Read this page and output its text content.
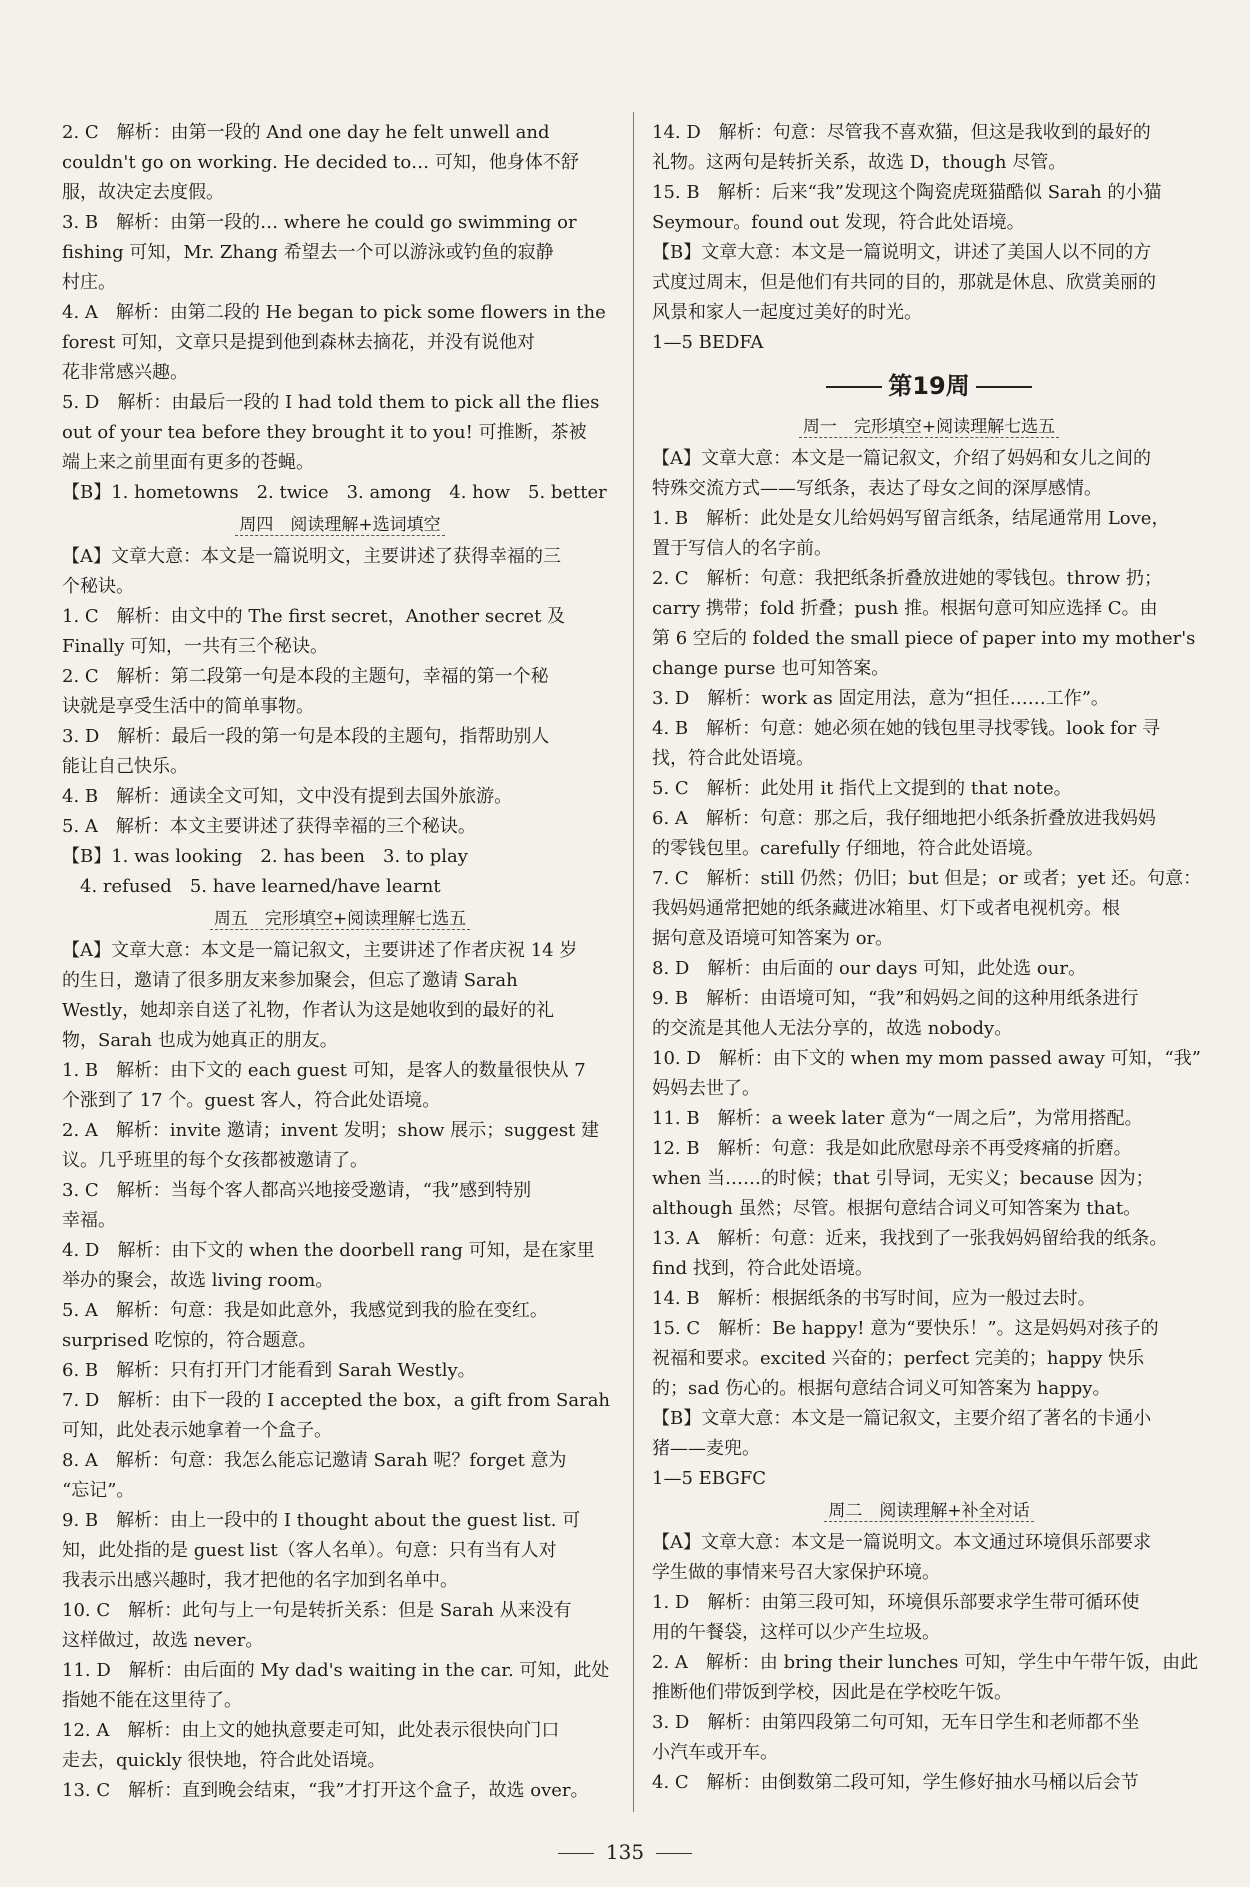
2. C　解析：由第一段的 And one day he felt unwell and
couldn't go on working. He decided to… 可知，他身体不舒
服，故决定去度假。
3. B　解析：由第一段的… where he could go swimming or
fishing 可知，Mr. Zhang 希望去一个可以游泳或钓鱼的寂静
村庄。
4. A　解析：由第二段的 He began to pick some flowers in the
forest 可知，文章只是提到他到森林去摘花，并没有说他对
花非常感兴趣。
5. D　解析：由最后一段的 I had told them to pick all the flies
out of your tea before they brought it to you! 可推断，茶被
端上来之前里面有更多的苍蝇。
【B】1. hometowns　2. twice　3. among　4. how　5. better
周四　阅读理解+选词填空
【A】文章大意：本文是一篇说明文，主要讲述了获得幸福的三
个秘诀。
1. C　解析：由文中的 The first secret，Another secret 及
Finally 可知，一共有三个秘诀。
2. C　解析：第二段第一句是本段的主题句，幸福的第一个秘
诀就是享受生活中的简单事物。
3. D　解析：最后一段的第一句是本段的主题句，指帮助别人
能让自己快乐。
4. B　解析：通读全文可知，文中没有提到去国外旅游。
5. A　解析：本文主要讲述了获得幸福的三个秘诀。
【B】1. was looking　2. has been　3. to play
　4. refused　5. have learned/have learnt
周五　完形填空+阅读理解七选五
【A】文章大意：本文是一篇记叙文，主要讲述了作者庆祝 14 岁
的生日，邀请了很多朋友来参加聚会，但忘了邀请 Sarah
Westly，她却亲自送了礼物，作者认为这是她收到的最好的礼
物，Sarah 也成为她真正的朋友。
1. B　解析：由下文的 each guest 可知，是客人的数量很快从 7
个涨到了 17 个。guest 客人，符合此处语境。
2. A　解析：invite 邀请；invent 发明；show 展示；suggest 建
议。几乎班里的每个女孩都被邀请了。
3. C　解析：当每个客人都高兴地接受邀请，“我”感到特别
幸福。
4. D　解析：由下文的 when the doorbell rang 可知，是在家里
举办的聚会，故选 living room。
5. A　解析：句意：我是如此意外，我感觉到我的脸在变红。
surprised 吃惊的，符合题意。
6. B　解析：只有打开门才能看到 Sarah Westly。
7. D　解析：由下一段的 I accepted the box，a gift from Sarah
可知，此处表示她拿着一个盒子。
8. A　解析：句意：我怎么能忘记邀请 Sarah 呢？forget 意为
“忘记”。
9. B　解析：由上一段中的 I thought about the guest list. 可
知，此处指的是 guest list（客人名单）。句意：只有当有人对
我表示出感兴趣时，我才把他的名字加到名单中。
10. C　解析：此句与上一句是转折关系：但是 Sarah 从来没有
这样做过，故选 never。
11. D　解析：由后面的 My dad's waiting in the car. 可知，此处
指她不能在这里待了。
12. A　解析：由上文的她执意要走可知，此处表示很快向门口
走去，quickly 很快地，符合此处语境。
13. C　解析：直到晚会结束，“我”才打开这个盒子，故选 over。
14. D　解析：句意：尽管我不喜欢猫，但这是我收到的最好的
礼物。这两句是转折关系，故选 D，though 尽管。
15. B　解析：后来“我”发现这个陶瓷虎斑猫酷似 Sarah 的小猫
Seymour。found out 发现，符合此处语境。
【B】文章大意：本文是一篇说明文，讲述了美国人以不同的方
式度过周末，但是他们有共同的目的，那就是休息、欣赏美丽的
风景和家人一起度过美好的时光。
1—5 BEDFA
第19周
周一　完形填空+阅读理解七选五
【A】文章大意：本文是一篇记叙文，介绍了妈妈和女儿之间的
特殊交流方式——写纸条，表达了母女之间的深厚感情。
1. B　解析：此处是女儿给妈妈写留言纸条，结尾通常用 Love，
置于写信人的名字前。
2. C　解析：句意：我把纸条折叠放进她的零钱包。throw 扔；
carry 携带；fold 折叠；push 推。根据句意可知应选择 C。由
第 6 空后的 folded the small piece of paper into my mother's
change purse 也可知答案。
3. D　解析：work as 固定用法，意为“担任……工作”。
4. B　解析：句意：她必须在她的钱包里寻找零钱。look for 寻
找，符合此处语境。
5. C　解析：此处用 it 指代上文提到的 that note。
6. A　解析：句意：那之后，我仔细地把小纸条折叠放进我妈妈
的零钱包里。carefully 仔细地，符合此处语境。
7. C　解析：still 仍然；仍旧；but 但是；or 或者；yet 还。句意：
我妈妈通常把她的纸条藏进冰箱里、灯下或者电视机旁。根
据句意及语境可知答案为 or。
8. D　解析：由后面的 our days 可知，此处选 our。
9. B　解析：由语境可知，“我”和妈妈之间的这种用纸条进行
的交流是其他人无法分享的，故选 nobody。
10. D　解析：由下文的 when my mom passed away 可知，“我”
妈妈去世了。
11. B　解析：a week later 意为“一周之后”，为常用搭配。
12. B　解析：句意：我是如此欣慰母亲不再受疼痛的折磨。
when 当……的时候；that 引导词，无实义；because 因为；
although 虽然；尽管。根据句意结合词义可知答案为 that。
13. A　解析：句意：近来，我找到了一张我妈妈留给我的纸条。
find 找到，符合此处语境。
14. B　解析：根据纸条的书写时间，应为一般过去时。
15. C　解析：Be happy! 意为“要快乐！”。这是妈妈对孩子的
祝福和要求。excited 兴奋的；perfect 完美的；happy 快乐
的；sad 伤心的。根据句意结合词义可知答案为 happy。
【B】文章大意：本文是一篇记叙文，主要介绍了著名的卡通小
猪——麦兜。
1—5 EBGFC
周二　阅读理解+补全对话
【A】文章大意：本文是一篇说明文。本文通过环境俱乐部要求
学生做的事情来号召大家保护环境。
1. D　解析：由第三段可知，环境俱乐部要求学生带可循环使
用的午餐袋，这样可以少产生垃圾。
2. A　解析：由 bring their lunches 可知，学生中午带午饭，由此
推断他们带饭到学校，因此是在学校吃午饭。
3. D　解析：由第四段第二句可知，无车日学生和老师都不坐
小汽车或开车。
4. C　解析：由倒数第二段可知，学生修好抽水马桶以后会节
135
